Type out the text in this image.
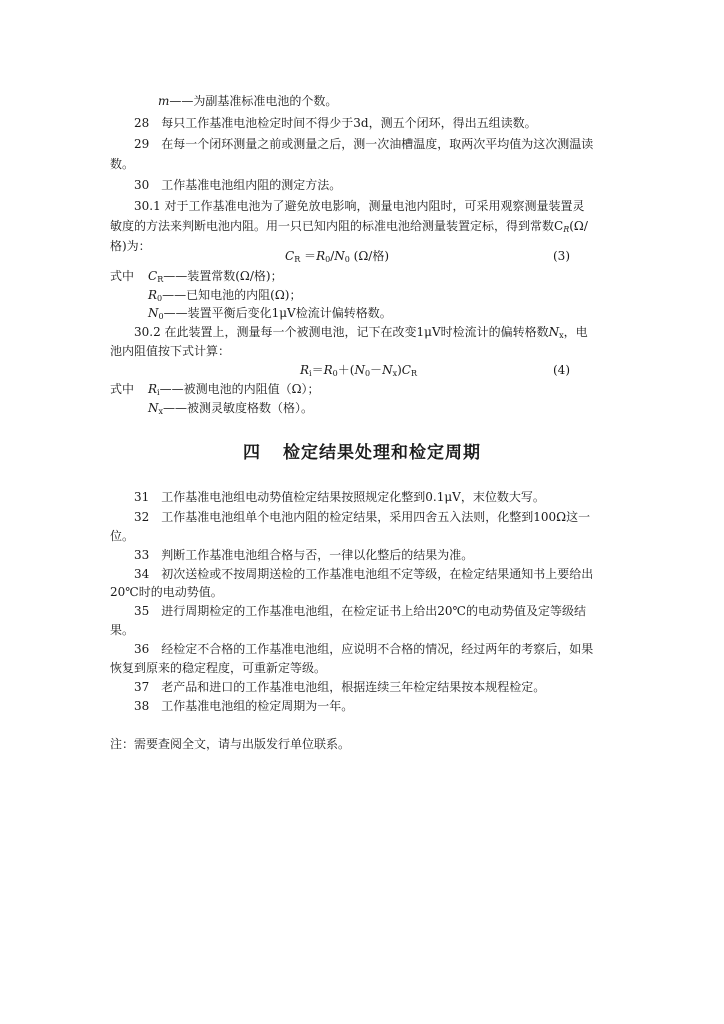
m——为副基准标准电池的个数。
28　每只工作基准电池检定时间不得少于3d，测五个闭环，得出五组读数。
29　在每一个闭环测量之前或测量之后，测一次油槽温度，取两次平均值为这次测温读
数。
30　工作基准电池组内阻的测定方法。
30.1 对于工作基准电池为了避免放电影响，测量电池内阻时，可采用观察测量装置灵
敏度的方法来判断电池内阻。用一只已知内阻的标准电池给测量装置定标，得到常数$C_R(\Omega/$
格)为：
$C_R =R_0/N_0$ (Ω/格)	(3)
式中 $C_R——$装置常数(Ω/格)；
$R_0——$已知电池的内阻(Ω)；
$N_0——$装置平衡后变化1μV检流计偏转格数。
30.2 在此装置上，测量每一个被测电池，记下在改变1μV时检流计的偏转格数$N_x$，电
池内阻值按下式计算：
$R_i=R_0+(N_0-N_x)C_R$	(4)
式中 $R_i——$被测电池的内阻值（Ω）；
$N_x——$被测灵敏度格数（格）。
四 检定结果处理和检定周期
31　工作基准电池组电动势值检定结果按照规定化整到0.1μV，末位数大写。
32　工作基准电池组单个电池内阻的检定结果，采用四舍五入法则，化整到100Ω这一
位。
33　判断工作基准电池组合格与否，一律以化整后的结果为准。
34　初次送检或不按周期送检的工作基准电池组不定等级，在检定结果通知书上要给出
20℃时的电动势值。
35　进行周期检定的工作基准电池组，在检定证书上给出20℃的电动势值及定等级结
果。
36　经检定不合格的工作基准电池组，应说明不合格的情况，经过两年的考察后，如果
恢复到原来的稳定程度，可重新定等级。
37　老产品和进口的工作基准电池组，根据连续三年检定结果按本规程检定。
38　工作基准电池组的检定周期为一年。
注：需要查阅全文，请与出版发行单位联系。
